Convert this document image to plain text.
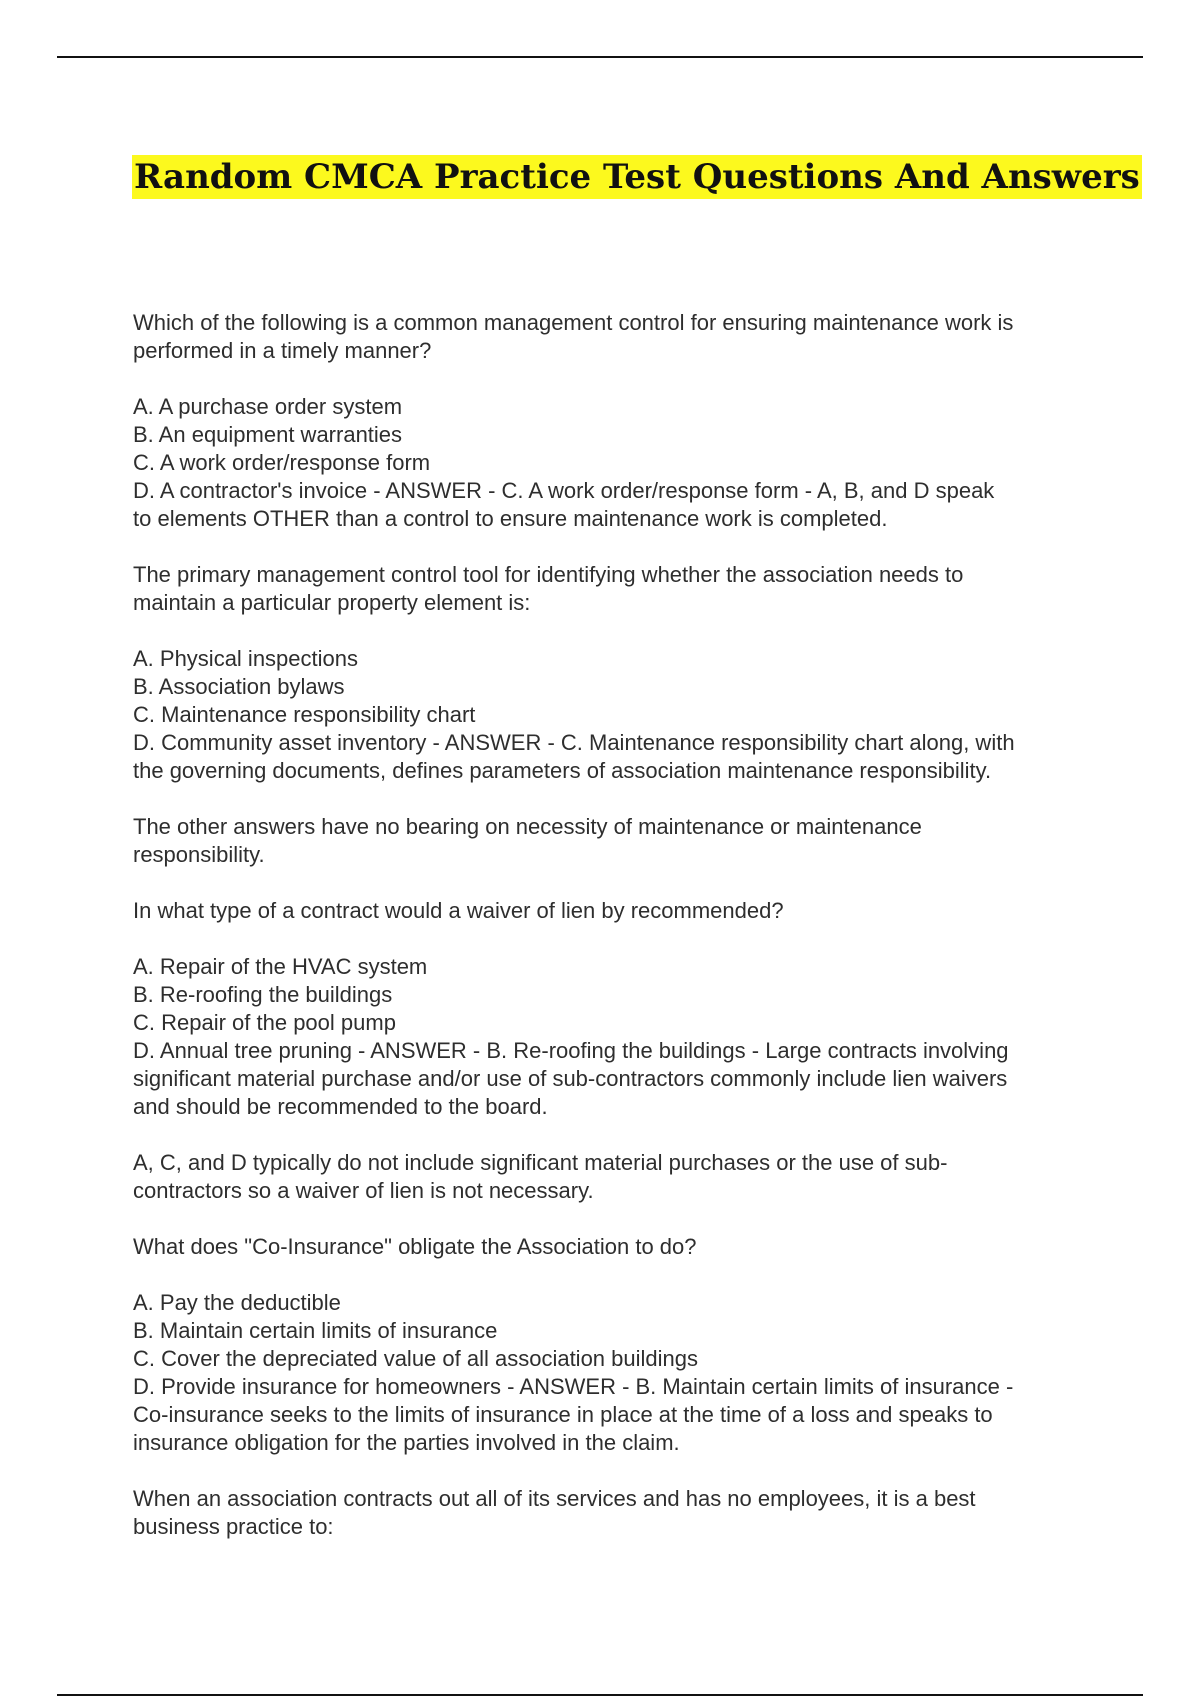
Random CMCA Practice Test Questions And Answers
Which of the following is a common management control for ensuring maintenance work is
performed in a timely manner?
A. A purchase order system
B. An equipment warranties
C. A work order/response form
D. A contractor's invoice - ANSWER - C. A work order/response form - A, B, and D speak
to elements OTHER than a control to ensure maintenance work is completed.
The primary management control tool for identifying whether the association needs to
maintain a particular property element is:
A. Physical inspections
B. Association bylaws
C. Maintenance responsibility chart
D. Community asset inventory - ANSWER - C. Maintenance responsibility chart along, with
the governing documents, defines parameters of association maintenance responsibility.
The other answers have no bearing on necessity of maintenance or maintenance
responsibility.
In what type of a contract would a waiver of lien by recommended?
A. Repair of the HVAC system
B. Re-roofing the buildings
C. Repair of the pool pump
D. Annual tree pruning - ANSWER - B. Re-roofing the buildings - Large contracts involving
significant material purchase and/or use of sub-contractors commonly include lien waivers
and should be recommended to the board.
A, C, and D typically do not include significant material purchases or the use of sub-
contractors so a waiver of lien is not necessary.
What does "Co-Insurance" obligate the Association to do?
A. Pay the deductible
B. Maintain certain limits of insurance
C. Cover the depreciated value of all association buildings
D. Provide insurance for homeowners - ANSWER - B. Maintain certain limits of insurance -
Co-insurance seeks to the limits of insurance in place at the time of a loss and speaks to
insurance obligation for the parties involved in the claim.
When an association contracts out all of its services and has no employees, it is a best
business practice to:
